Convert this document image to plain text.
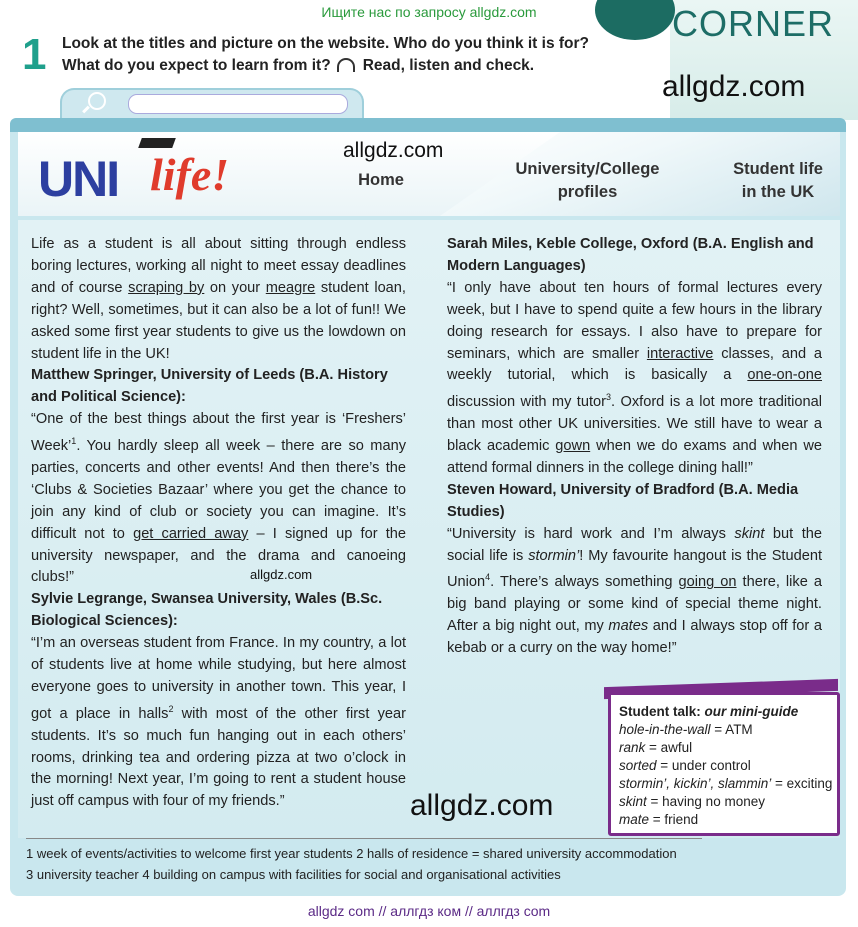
Ищите нас по запросу allgdz.com	CORNER
1 Look at the titles and picture on the website. Who do you think it is for?
What do you expect to learn from it? Read, listen and check.
allgdz.com
UNI life!	allgdz.com
Home
University/College
profiles
Student life
in the UK

Life as a student is all about sitting through endless boring lectures, working all night to meet essay deadlines and of course scraping by on your meagre student loan, right? Well, sometimes, but it can also be a lot of fun!! We asked some first year students to give us the lowdown on student life in the UK!

Matthew Springer, University of Leeds (B.A. History and Political Science):

“One of the best things about the first year is ‘Freshers’ Week’$^1$. You hardly sleep all week – there are so many parties, concerts and other events! And then there’s the ‘Clubs & Societies Bazaar’ where you get the chance to join any kind of club or society you can imagine. It’s difficult not to get carried away – I signed up for the university newspaper, and the drama and canoeing clubs!”

Sylvie Legrange, Swansea University, Wales (B.Sc. Biological Sciences):

“I’m an overseas student from France. In my country, a lot of students live at home while studying, but here almost everyone goes to university in another town. This year, I got a place in halls$^2$ with most of the other first year students. It’s so much fun hanging out in each others’ rooms, drinking tea and ordering pizza at two o’clock in the morning! Next year, I’m going to rent a student house just off campus with four of my friends.”

allgdz.com

Sarah Miles, Keble College, Oxford (B.A. English and Modern Languages)

“I only have about ten hours of formal lectures every week, but I have to spend quite a few hours in the library doing research for essays. I also have to prepare for seminars, which are smaller interactive classes, and a weekly tutorial, which is basically a one-on-one discussion with my tutor$^3$. Oxford is a lot more traditional than most other UK universities. We still have to wear a black academic gown when we do exams and when we attend formal dinners in the college dining hall!”

Steven Howard, University of Bradford (B.A. Media Studies)

“University is hard work and I’m always skint but the social life is stormin’! My favourite hangout is the Student Union$^4$. There’s always something going on there, like a big band playing or some kind of special theme night. After a big night out, my mates and I always stop off for a kebab or a curry on the way home!”

Student talk: our mini-guide
hole-in-the-wall = ATM
rank = awful
sorted = under control
stormin’, kickin’, slammin’ = exciting
skint = having no money
mate = friend
allgdz.com
1 week of events/activities to welcome first year students 2 halls of residence = shared university accommodation
3 university teacher 4 building on campus with facilities for social and organisational activities
allgdz com // аллгдз ком // аллгдз com
